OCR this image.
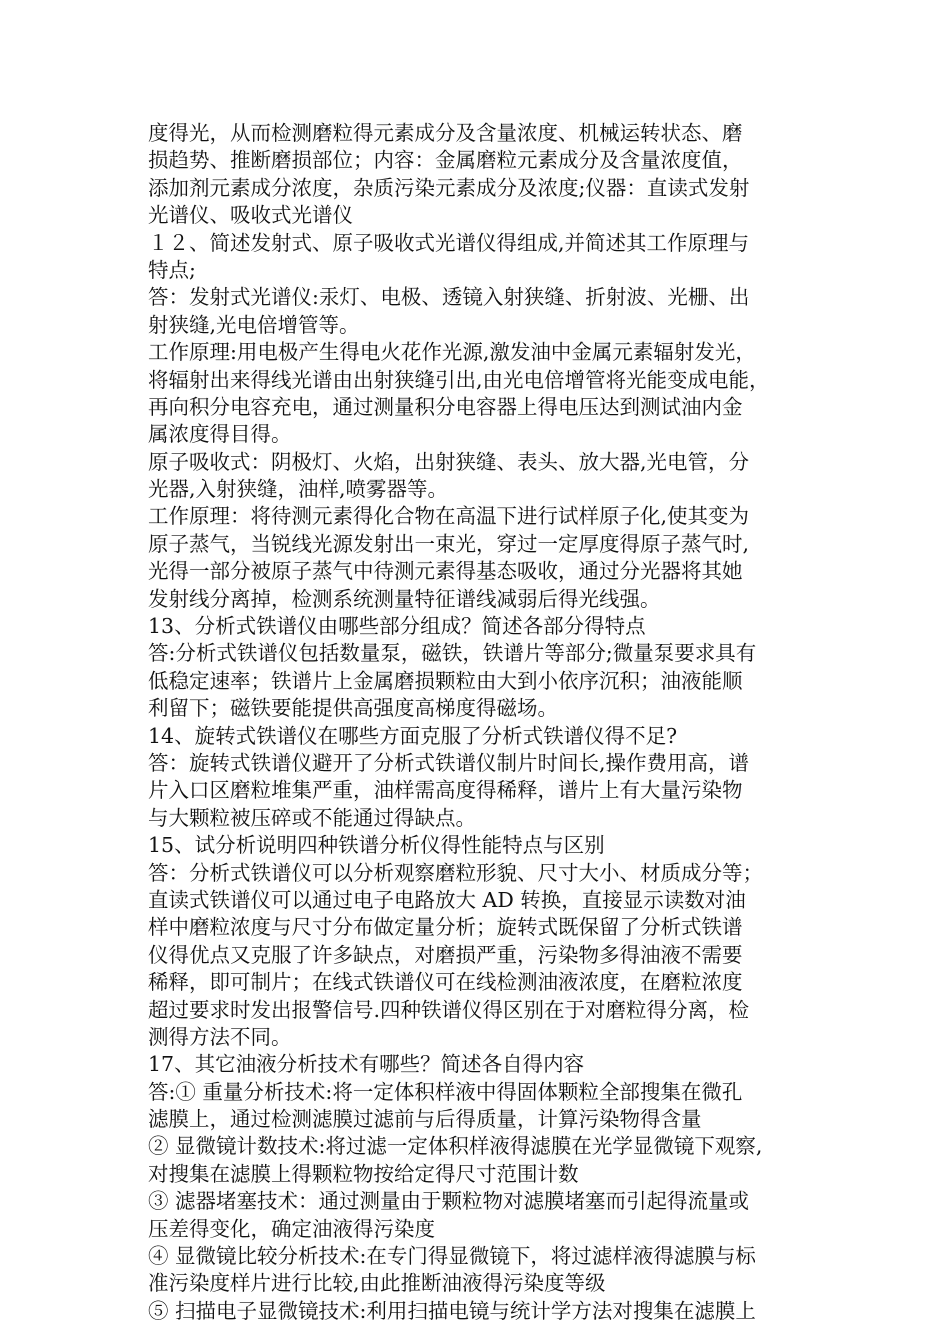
度得光，从而检测磨粒得元素成分及含量浓度、机械运转状态、磨
损趋势、推断磨损部位；内容：金属磨粒元素成分及含量浓度值，
添加剂元素成分浓度，杂质污染元素成分及浓度;仪器：直读式发射
光谱仪、吸收式光谱仪
１２、简述发射式、原子吸收式光谱仪得组成,并简述其工作原理与
特点;
答：发射式光谱仪:汞灯、电极、透镜入射狭缝、折射波、光栅、出
射狭缝,光电倍增管等。
工作原理:用电极产生得电火花作光源,激发油中金属元素辐射发光，
将辐射出来得线光谱由出射狭缝引出,由光电倍增管将光能变成电能，
再向积分电容充电，通过测量积分电容器上得电压达到测试油内金
属浓度得目得。
原子吸收式：阴极灯、火焰，出射狭缝、表头、放大器,光电管，分
光器,入射狭缝，油样,喷雾器等。
工作原理：将待测元素得化合物在高温下进行试样原子化,使其变为
原子蒸气，当锐线光源发射出一束光，穿过一定厚度得原子蒸气时,
光得一部分被原子蒸气中待测元素得基态吸收，通过分光器将其她
发射线分离掉，检测系统测量特征谱线减弱后得光线强。
13、分析式铁谱仪由哪些部分组成？简述各部分得特点
答:分析式铁谱仪包括数量泵，磁铁，铁谱片等部分;微量泵要求具有
低稳定速率；铁谱片上金属磨损颗粒由大到小依序沉积；油液能顺
利留下；磁铁要能提供高强度高梯度得磁场。
14、旋转式铁谱仪在哪些方面克服了分析式铁谱仪得不足?
答：旋转式铁谱仪避开了分析式铁谱仪制片时间长,操作费用高，谱
片入口区磨粒堆集严重，油样需高度得稀释，谱片上有大量污染物
与大颗粒被压碎或不能通过得缺点。
15、试分析说明四种铁谱分析仪得性能特点与区别
答：分析式铁谱仪可以分析观察磨粒形貌、尺寸大小、材质成分等；
直读式铁谱仪可以通过电子电路放大 AD 转换，直接显示读数对油
样中磨粒浓度与尺寸分布做定量分析；旋转式既保留了分析式铁谱
仪得优点又克服了许多缺点，对磨损严重，污染物多得油液不需要
稀释，即可制片；在线式铁谱仪可在线检测油液浓度，在磨粒浓度
超过要求时发出报警信号.四种铁谱仪得区别在于对磨粒得分离，检
测得方法不同。
17、其它油液分析技术有哪些？简述各自得内容
答:① 重量分析技术:将一定体积样液中得固体颗粒全部搜集在微孔
滤膜上，通过检测滤膜过滤前与后得质量，计算污染物得含量
② 显微镜计数技术:将过滤一定体积样液得滤膜在光学显微镜下观察,
对搜集在滤膜上得颗粒物按给定得尺寸范围计数
③ 滤器堵塞技术：通过测量由于颗粒物对滤膜堵塞而引起得流量或
压差得变化，确定油液得污染度
④ 显微镜比较分析技术:在专门得显微镜下，将过滤样液得滤膜与标
准污染度样片进行比较,由此推断油液得污染度等级
⑤ 扫描电子显微镜技术:利用扫描电镜与统计学方法对搜集在滤膜上
